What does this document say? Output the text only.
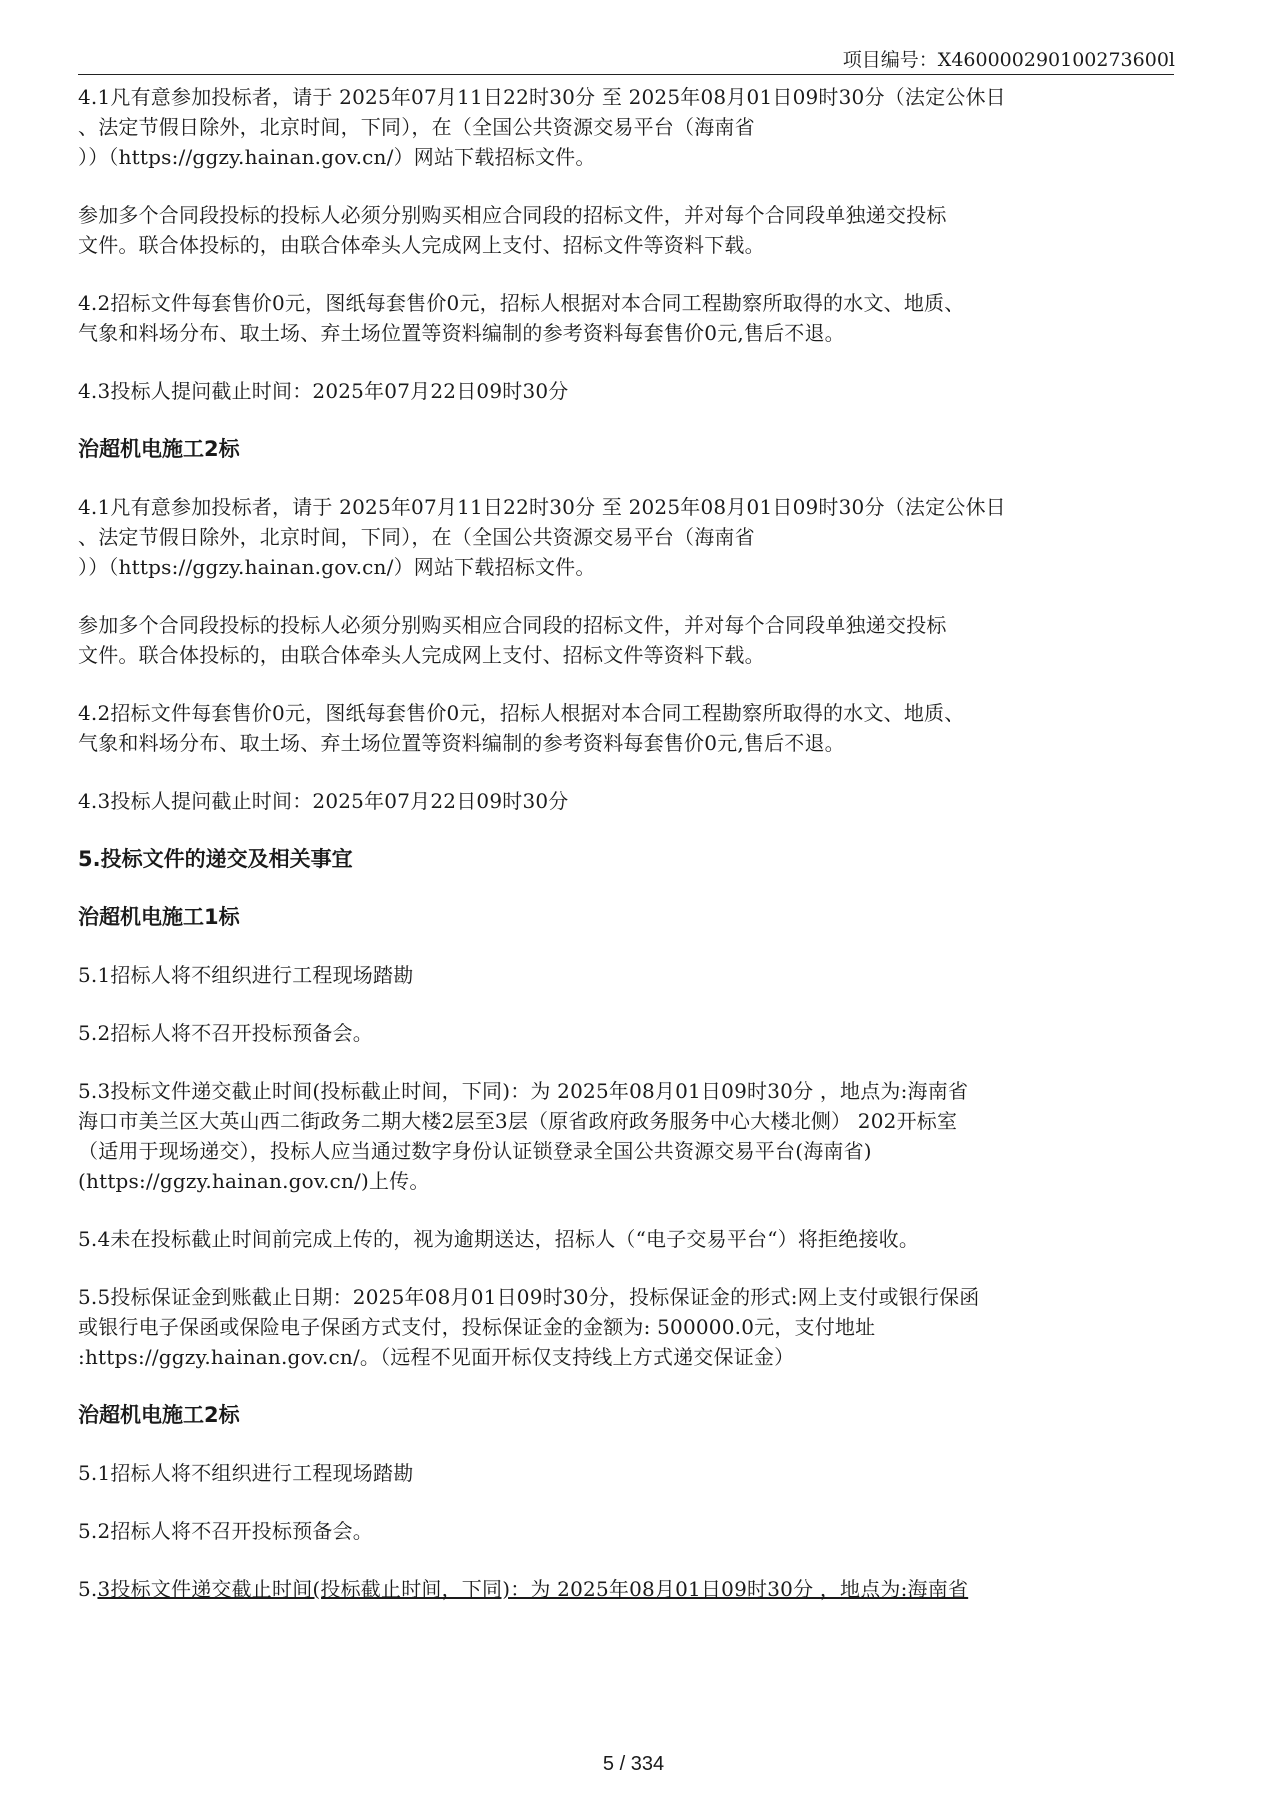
项目编号：X460000290100273600l
4.1凡有意参加投标者，请于 2025年07月11日22时30分 至 2025年08月01日09时30分（法定公休日
、法定节假日除外，北京时间，下同），在（全国公共资源交易平台（海南省
））（https://ggzy.hainan.gov.cn/）网站下载招标文件。
参加多个合同段投标的投标人必须分别购买相应合同段的招标文件，并对每个合同段单独递交投标
文件。联合体投标的，由联合体牵头人完成网上支付、招标文件等资料下载。
4.2招标文件每套售价0元，图纸每套售价0元，招标人根据对本合同工程勘察所取得的水文、地质、
气象和料场分布、取土场、弃土场位置等资料编制的参考资料每套售价0元,售后不退。
4.3投标人提问截止时间：2025年07月22日09时30分
治超机电施工2标
4.1凡有意参加投标者，请于 2025年07月11日22时30分 至 2025年08月01日09时30分（法定公休日
、法定节假日除外，北京时间，下同），在（全国公共资源交易平台（海南省
））（https://ggzy.hainan.gov.cn/）网站下载招标文件。
参加多个合同段投标的投标人必须分别购买相应合同段的招标文件，并对每个合同段单独递交投标
文件。联合体投标的，由联合体牵头人完成网上支付、招标文件等资料下载。
4.2招标文件每套售价0元，图纸每套售价0元，招标人根据对本合同工程勘察所取得的水文、地质、
气象和料场分布、取土场、弃土场位置等资料编制的参考资料每套售价0元,售后不退。
4.3投标人提问截止时间：2025年07月22日09时30分
5.投标文件的递交及相关事宜
治超机电施工1标
5.1招标人将不组织进行工程现场踏勘
5.2招标人将不召开投标预备会。
5.3投标文件递交截止时间(投标截止时间，下同)：为 2025年08月01日09时30分 ，地点为:海南省
海口市美兰区大英山西二街政务二期大楼2层至3层（原省政府政务服务中心大楼北侧） 202开标室
（适用于现场递交），投标人应当通过数字身份认证锁登录全国公共资源交易平台(海南省)
(https://ggzy.hainan.gov.cn/)上传。
5.4未在投标截止时间前完成上传的，视为逾期送达，招标人（“电子交易平台“）将拒绝接收。
5.5投标保证金到账截止日期：2025年08月01日09时30分，投标保证金的形式:网上支付或银行保函
或银行电子保函或保险电子保函方式支付，投标保证金的金额为: 500000.0元，支付地址
:https://ggzy.hainan.gov.cn/。（远程不见面开标仅支持线上方式递交保证金）
治超机电施工2标
5.1招标人将不组织进行工程现场踏勘
5.2招标人将不召开投标预备会。
5.3投标文件递交截止时间(投标截止时间，下同)：为 2025年08月01日09时30分 ，地点为:海南省
5 / 334
